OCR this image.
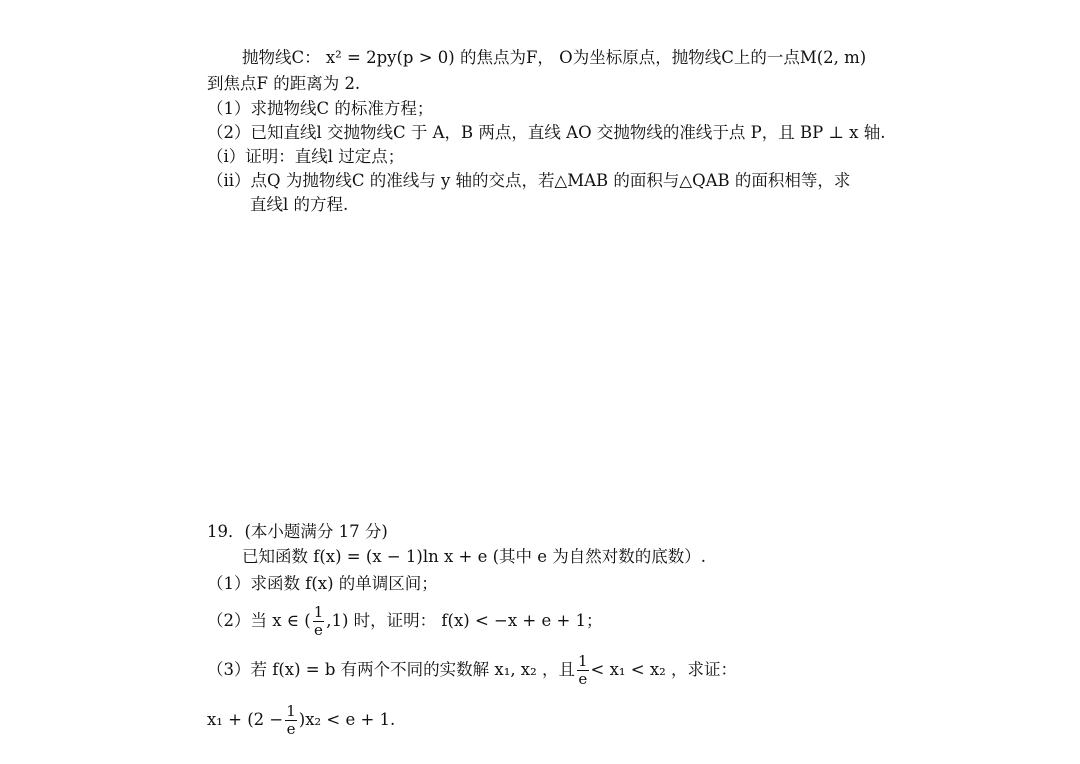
抛物线C： x² = 2py(p > 0) 的焦点为F， O为坐标原点，抛物线C上的一点M(2, m)
到焦点F 的距离为 2.
（1）求抛物线C 的标准方程；
（2）已知直线l 交抛物线C 于 A，B 两点，直线 AO 交抛物线的准线于点 P，且 BP ⊥ x 轴.
（i）证明：直线l 过定点；
（ii）点Q 为抛物线C 的准线与 y 轴的交点，若△MAB 的面积与△QAB 的面积相等，求
直线l 的方程.
19．(本小题满分 17 分)
已知函数 f(x) = (x − 1)ln x + e (其中 e 为自然对数的底数）.
（1）求函数 f(x) 的单调区间；
（2）当 x ∈ ( $\frac{1}{e} ,1$) 时，证明： f(x) < −x + e + 1；
（3）若 f(x) = b 有两个不同的实数解 x₁, x₂ ，且 $\frac{1}{e} < x_1 < x_2$ ，求证：
$x_1 + (2 - \frac{1}{e} )x_2 < e + 1$.
